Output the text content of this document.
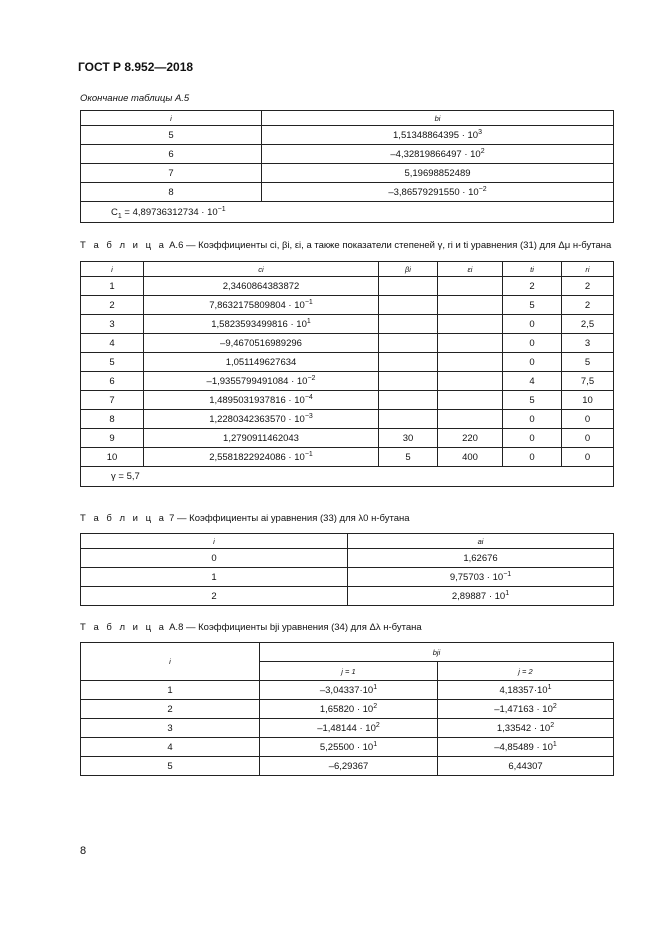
ГОСТ Р 8.952—2018
Окончание таблицы А.5
i	bi
5	$1,51348864395 \cdot 10^3$
6	$-4,32819866497 \cdot 10^2$
7	5,19698852489
8	$-3,86579291550 \cdot 10^{-2}$
$C_1 = 4,89736312734 \cdot 10^{-1}$
Т а б л и ц а А.6 — Коэффициенты ci, βi, εi, а также показатели степеней γ, ri и ti уравнения (31) для Δμ н-бутана
i	ci	βi	εi	ti	ri
1	2,3460864383872			2	2
2	$7,8632175809804 \cdot 10^{-1}$			5	2
3	$1,5823593499816 \cdot 10^1$			0	2,5
4	–9,4670516989296			0	3
5	1,051149627634			0	5
6	$-1,9355799491084 \cdot 10^{-2}$			4	7,5
7	$1,4895031937816 \cdot 10^{-4}$			5	10
8	$1,2280342363570 \cdot 10^{-3}$			0	0
9	1,2790911462043	30	220	0	0
10	$2,5581822924086 \cdot 10^{-1}$	5	400	0	0
γ = 5,7					
Т а б л и ц а 7 — Коэффициенты ai уравнения (33) для λ0 н-бутана
i	ai
0	1,62676
1	$9,75703 \cdot 10^{-1}$
2	$2,89887 \cdot 10^1$
Т а б л и ц а А.8 — Коэффициенты bji уравнения (34) для Δλ н-бутана
i	bji	
	j = 1	j = 2
1	$-3,04337\cdot 10^1$	$4,18357\cdot 10^1$
2	$1,65820 \cdot 10^2$	$-1,47163 \cdot 10^2$
3	$-1,48144 \cdot 10^2$	$1,33542 \cdot 10^2$
4	$5,25500 \cdot 10^1$	$-4,85489 \cdot 10^1$
5	–6,29367	6,44307
8
